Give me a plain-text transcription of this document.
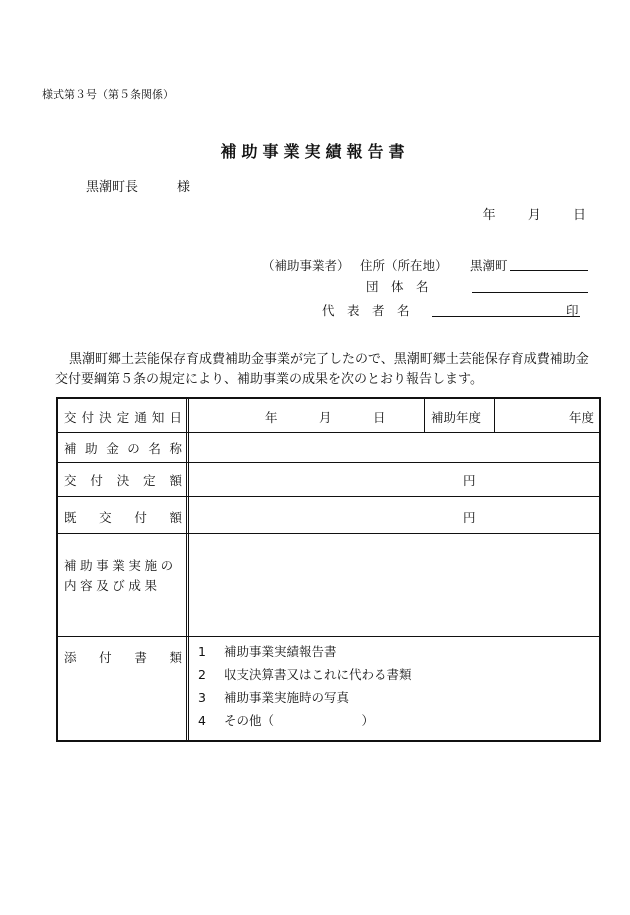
様式第３号（第５条関係）
補助事業実績報告書
黒潮町長　　　様
年 月 日
（補助事業者） 住所（所在地） 黒潮町
団　体　名
代　表　者　名	印
黒潮町郷土芸能保存育成費補助金事業が完了したので、黒潮町郷土芸能保存育成費補助金交付要綱第５条の規定により、補助事業の成果を次のとおり報告します。
交 付 決 定 通 知 日	年	月	日	補助年度	年度
補 助 金 の 名 称
交 付 決 定 額	円
既 交 付 額	円
補助事業実施の
内容及び成果
添 付 書 類 1 補助事業実績報告書
2 収支決算書又はこれに代わる書類
3 補助事業実施時の写真
4 その他（　　　　　　　）
